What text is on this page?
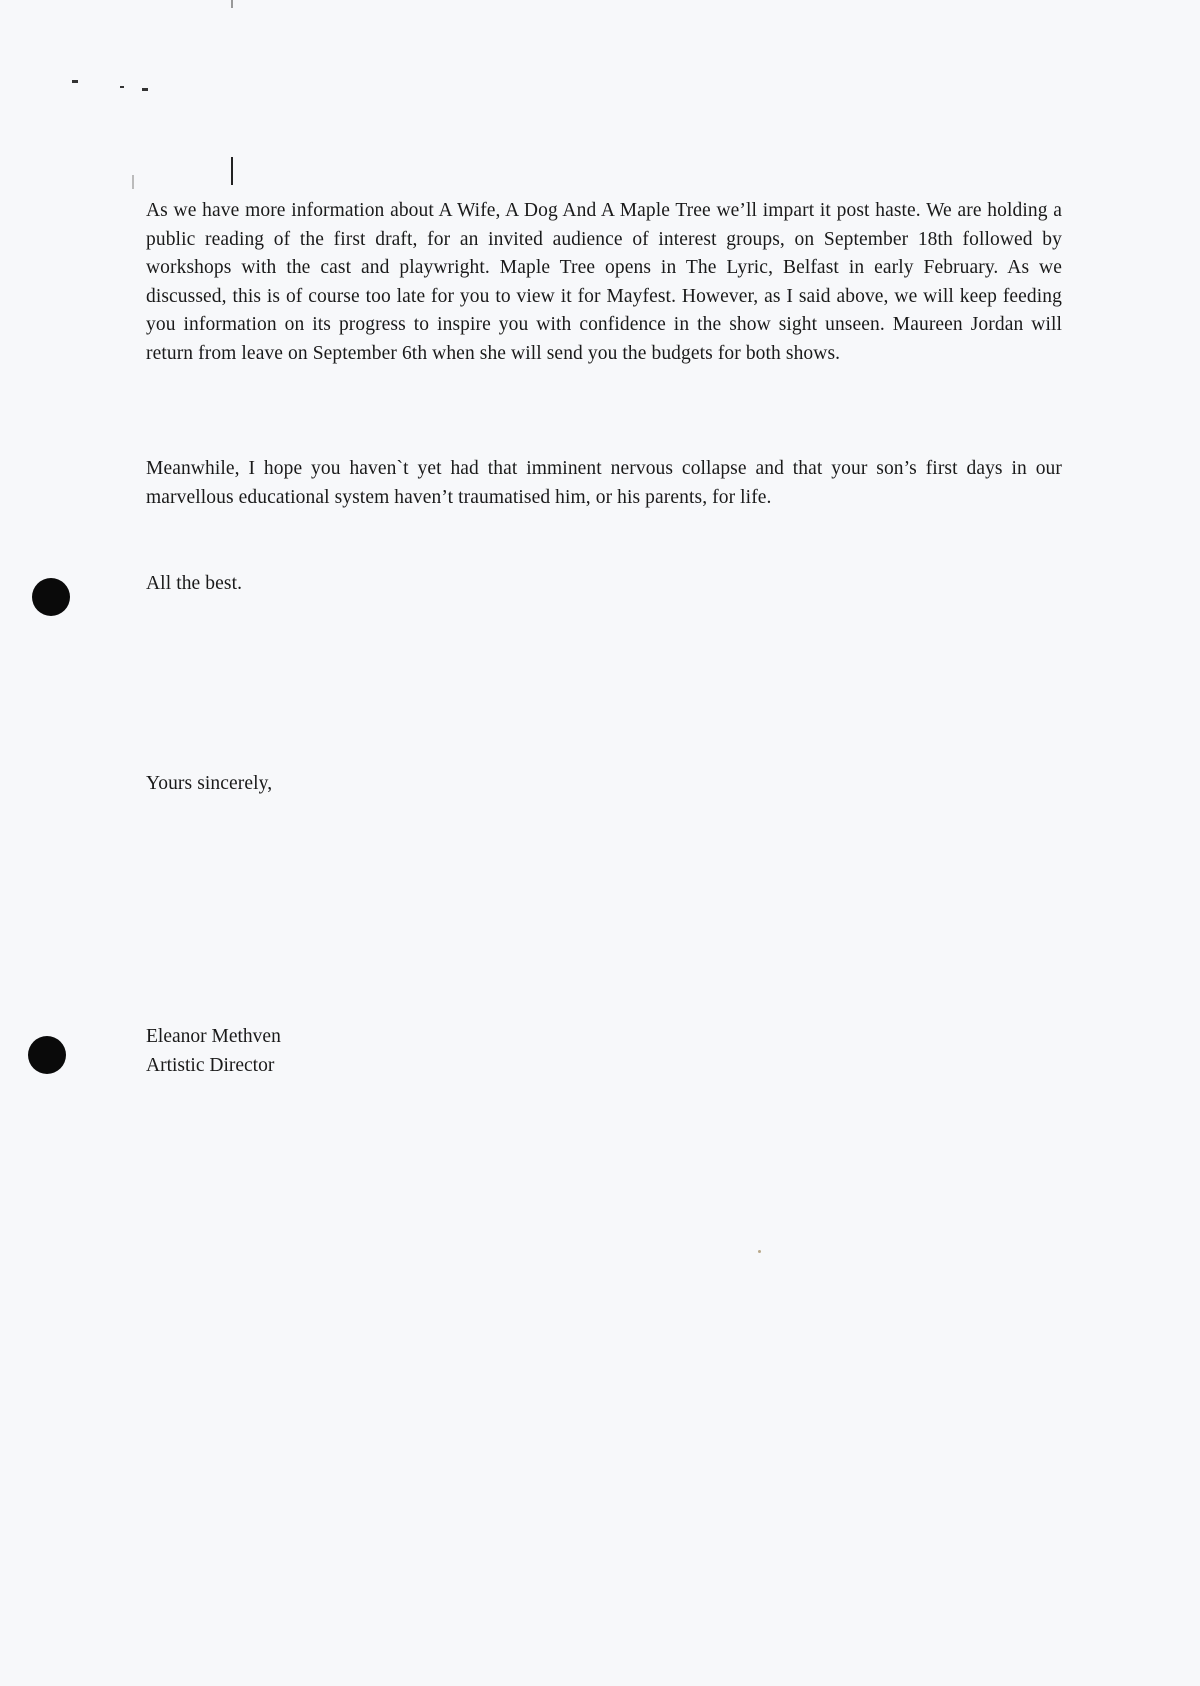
As we have more information about A Wife, A Dog And A Maple Tree we’ll impart it post haste. We are holding a public reading of the first draft, for an invited audience of interest groups, on September 18th followed by workshops with the cast and playwright. Maple Tree opens in The Lyric, Belfast in early February. As we discussed, this is of course too late for you to view it for Mayfest. However, as I said above, we will keep feeding you information on its progress to inspire you with confidence in the show sight unseen. Maureen Jordan will return from leave on September 6th when she will send you the budgets for both shows.

Meanwhile, I hope you haven`t yet had that imminent nervous collapse and that your son’s first days in our marvellous educational system haven’t traumatised him, or his parents, for life.

All the best.

Yours sincerely,

Eleanor Methven
Artistic Director
